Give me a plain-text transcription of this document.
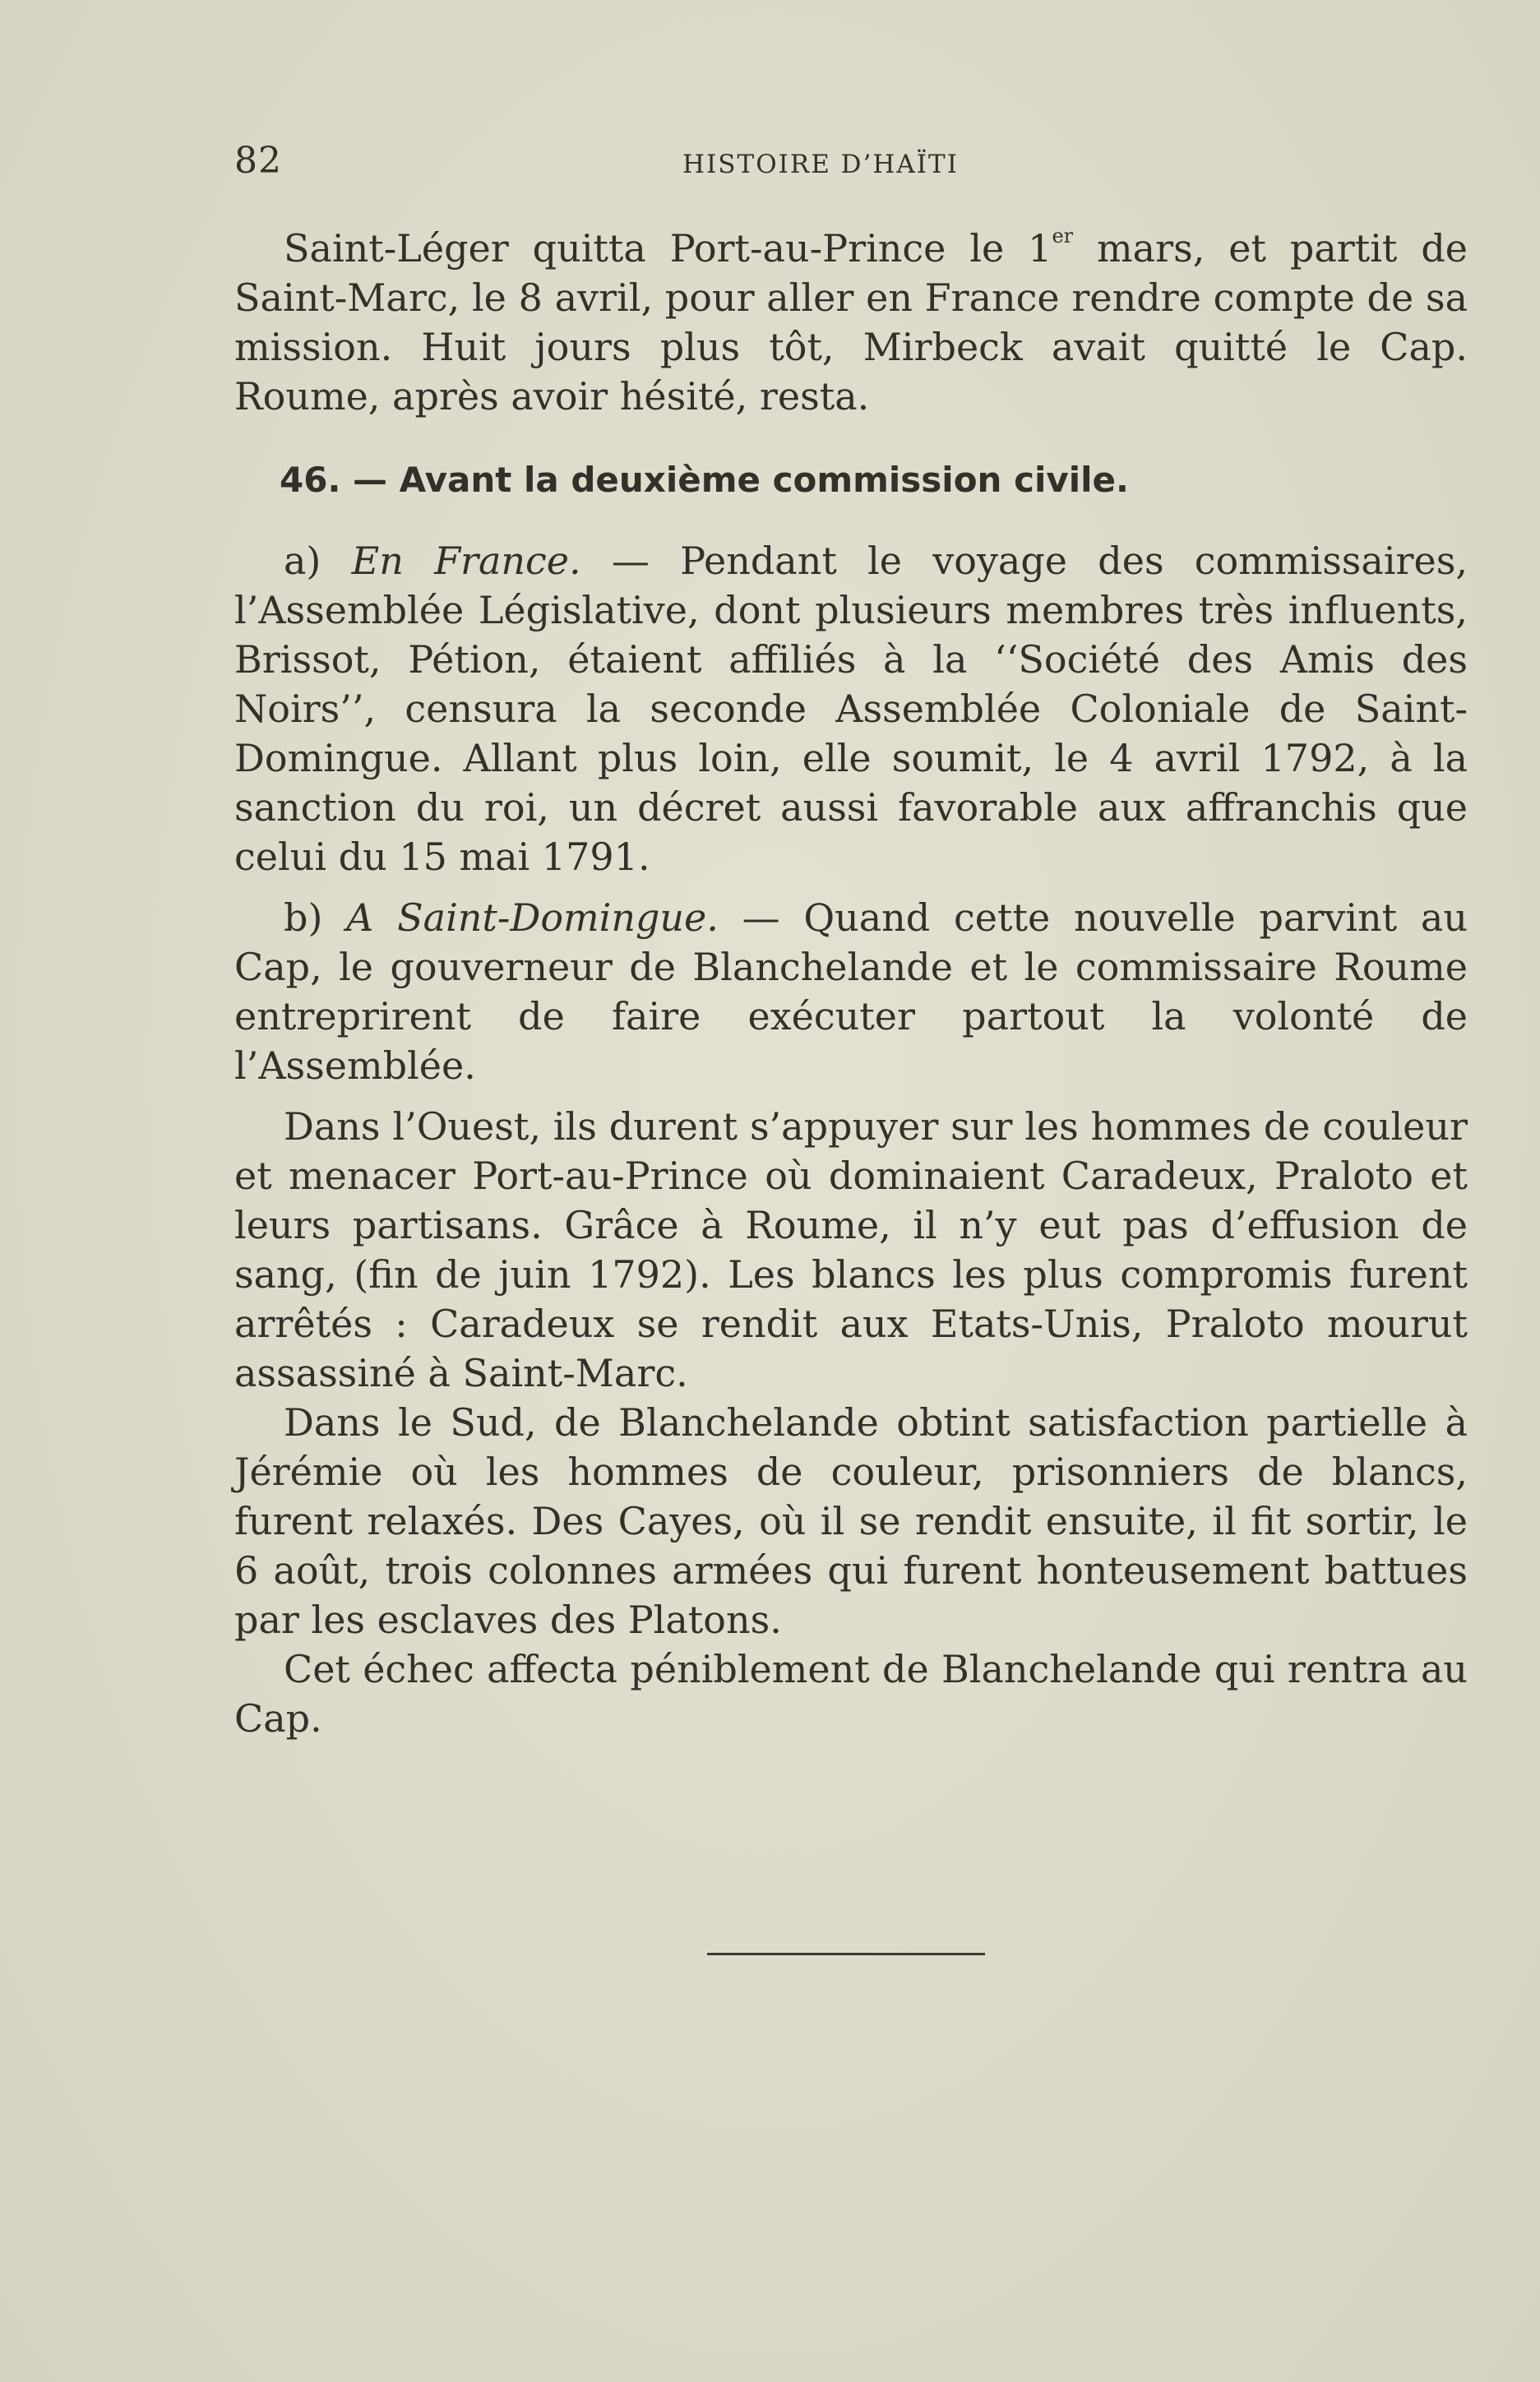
82	HISTOIRE D’HAÏTI

Saint-Léger quitta Port-au-Prince le 1er mars, et partit de Saint-Marc, le 8 avril, pour aller en France rendre compte de sa mission. Huit jours plus tôt, Mirbeck avait quitté le Cap. Roume, après avoir hésité, resta.

46. — Avant la deuxième commission civile.

a) En France. — Pendant le voyage des commissaires, l’Assemblée Législative, dont plusieurs membres très influents, Brissot, Pétion, étaient affiliés à la ‘‘Société des Amis des Noirs’’, censura la seconde Assemblée Coloniale de Saint-Domingue. Allant plus loin, elle soumit, le 4 avril 1792, à la sanction du roi, un décret aussi favorable aux affranchis que celui du 15 mai 1791.

b) A Saint-Domingue. — Quand cette nouvelle parvint au Cap, le gouverneur de Blanchelande et le commissaire Roume entreprirent de faire exécuter partout la volonté de l’Assemblée.

Dans l’Ouest, ils durent s’appuyer sur les hommes de couleur et menacer Port-au-Prince où dominaient Caradeux, Praloto et leurs partisans. Grâce à Roume, il n’y eut pas d’effusion de sang, (fin de juin 1792). Les blancs les plus compromis furent arrêtés : Caradeux se rendit aux Etats-Unis, Praloto mourut assassiné à Saint-Marc.

Dans le Sud, de Blanchelande obtint satisfaction partielle à Jérémie où les hommes de couleur, prisonniers de blancs, furent relaxés. Des Cayes, où il se rendit ensuite, il fit sortir, le 6 août, trois colonnes armées qui furent honteusement battues par les esclaves des Platons.

Cet échec affecta péniblement de Blanchelande qui rentra au Cap.
